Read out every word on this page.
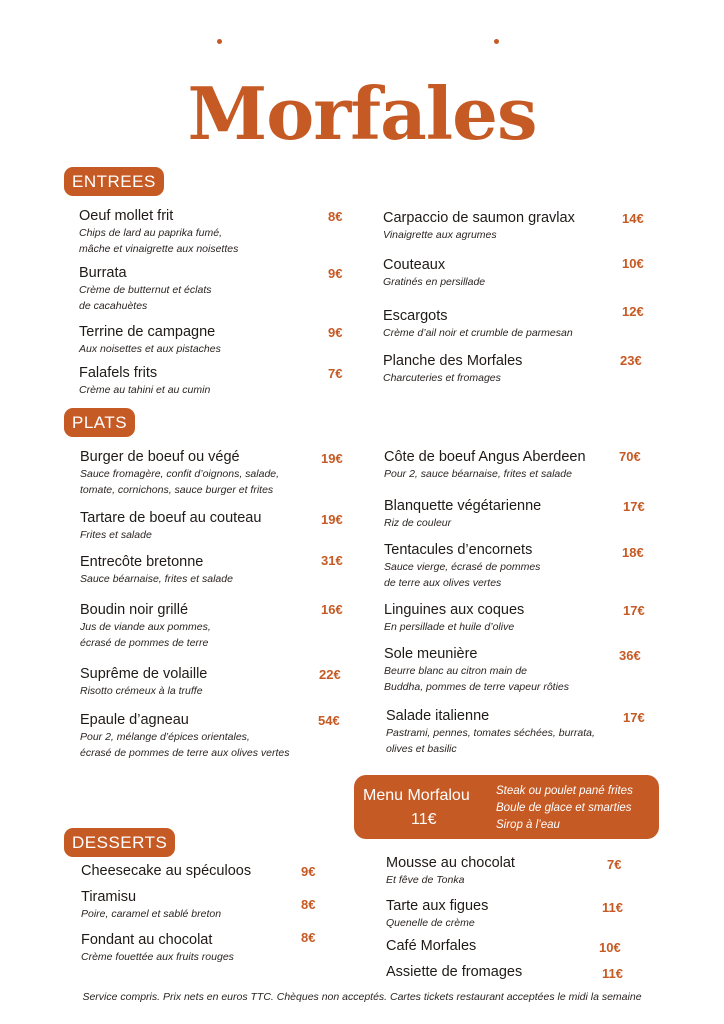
Morfales
ENTREES
PLATS
DESSERTS
Oeuf mollet frit
Chips de lard au paprika fumé,
mâche et vinaigrette aux noisettes
8€
Burrata
Crème de butternut et éclats
de cacahuètes
9€
Terrine de campagne
Aux noisettes et aux pistaches
9€
Falafels frits
Crème au tahini et au cumin
7€
Carpaccio de saumon gravlax
Vinaigrette aux agrumes
14€
Couteaux
Gratinés en persillade
10€
Escargots
Crème d’ail noir et crumble de parmesan
12€
Planche des Morfales
Charcuteries et fromages
23€
Burger de boeuf ou végé
Sauce fromagère, confit d’oignons, salade,
tomate, cornichons, sauce burger et frites
19€
Tartare de boeuf au couteau
Frites et salade
19€
Entrecôte bretonne
Sauce béarnaise, frites et salade
31€
Boudin noir grillé
Jus de viande aux pommes,
écrasé de pommes de terre
16€
Suprême de volaille
Risotto crémeux à la truffe
22€
Epaule d’agneau
Pour 2, mélange d’épices orientales,
écrasé de pommes de terre aux olives vertes
54€
Côte de boeuf Angus Aberdeen
Pour 2, sauce béarnaise, frites et salade
70€
Blanquette végétarienne
Riz de couleur
17€
Tentacules d’encornets
Sauce vierge, écrasé de pommes
de terre aux olives vertes
18€
Linguines aux coques
En persillade et huile d’olive
17€
Sole meunière
Beurre blanc au citron main de
Buddha, pommes de terre vapeur rôties
36€
Salade italienne
Pastrami, pennes, tomates séchées, burrata,
olives et basilic
17€
Menu Morfalou
11€
Steak ou poulet pané frites
Boule de glace et smarties
Sirop à l’eau
Cheesecake au spéculoos	9€
Tiramisu
Poire, caramel et sablé breton
8€
Fondant au chocolat
Crème fouettée aux fruits rouges
8€
Mousse au chocolat
Et fêve de Tonka
7€
Tarte aux figues
Quenelle de crème
11€
Café Morfales	10€
Assiette de fromages	11€
Service compris. Prix nets en euros TTC. Chèques non acceptés. Cartes tickets restaurant acceptées le midi la semaine
